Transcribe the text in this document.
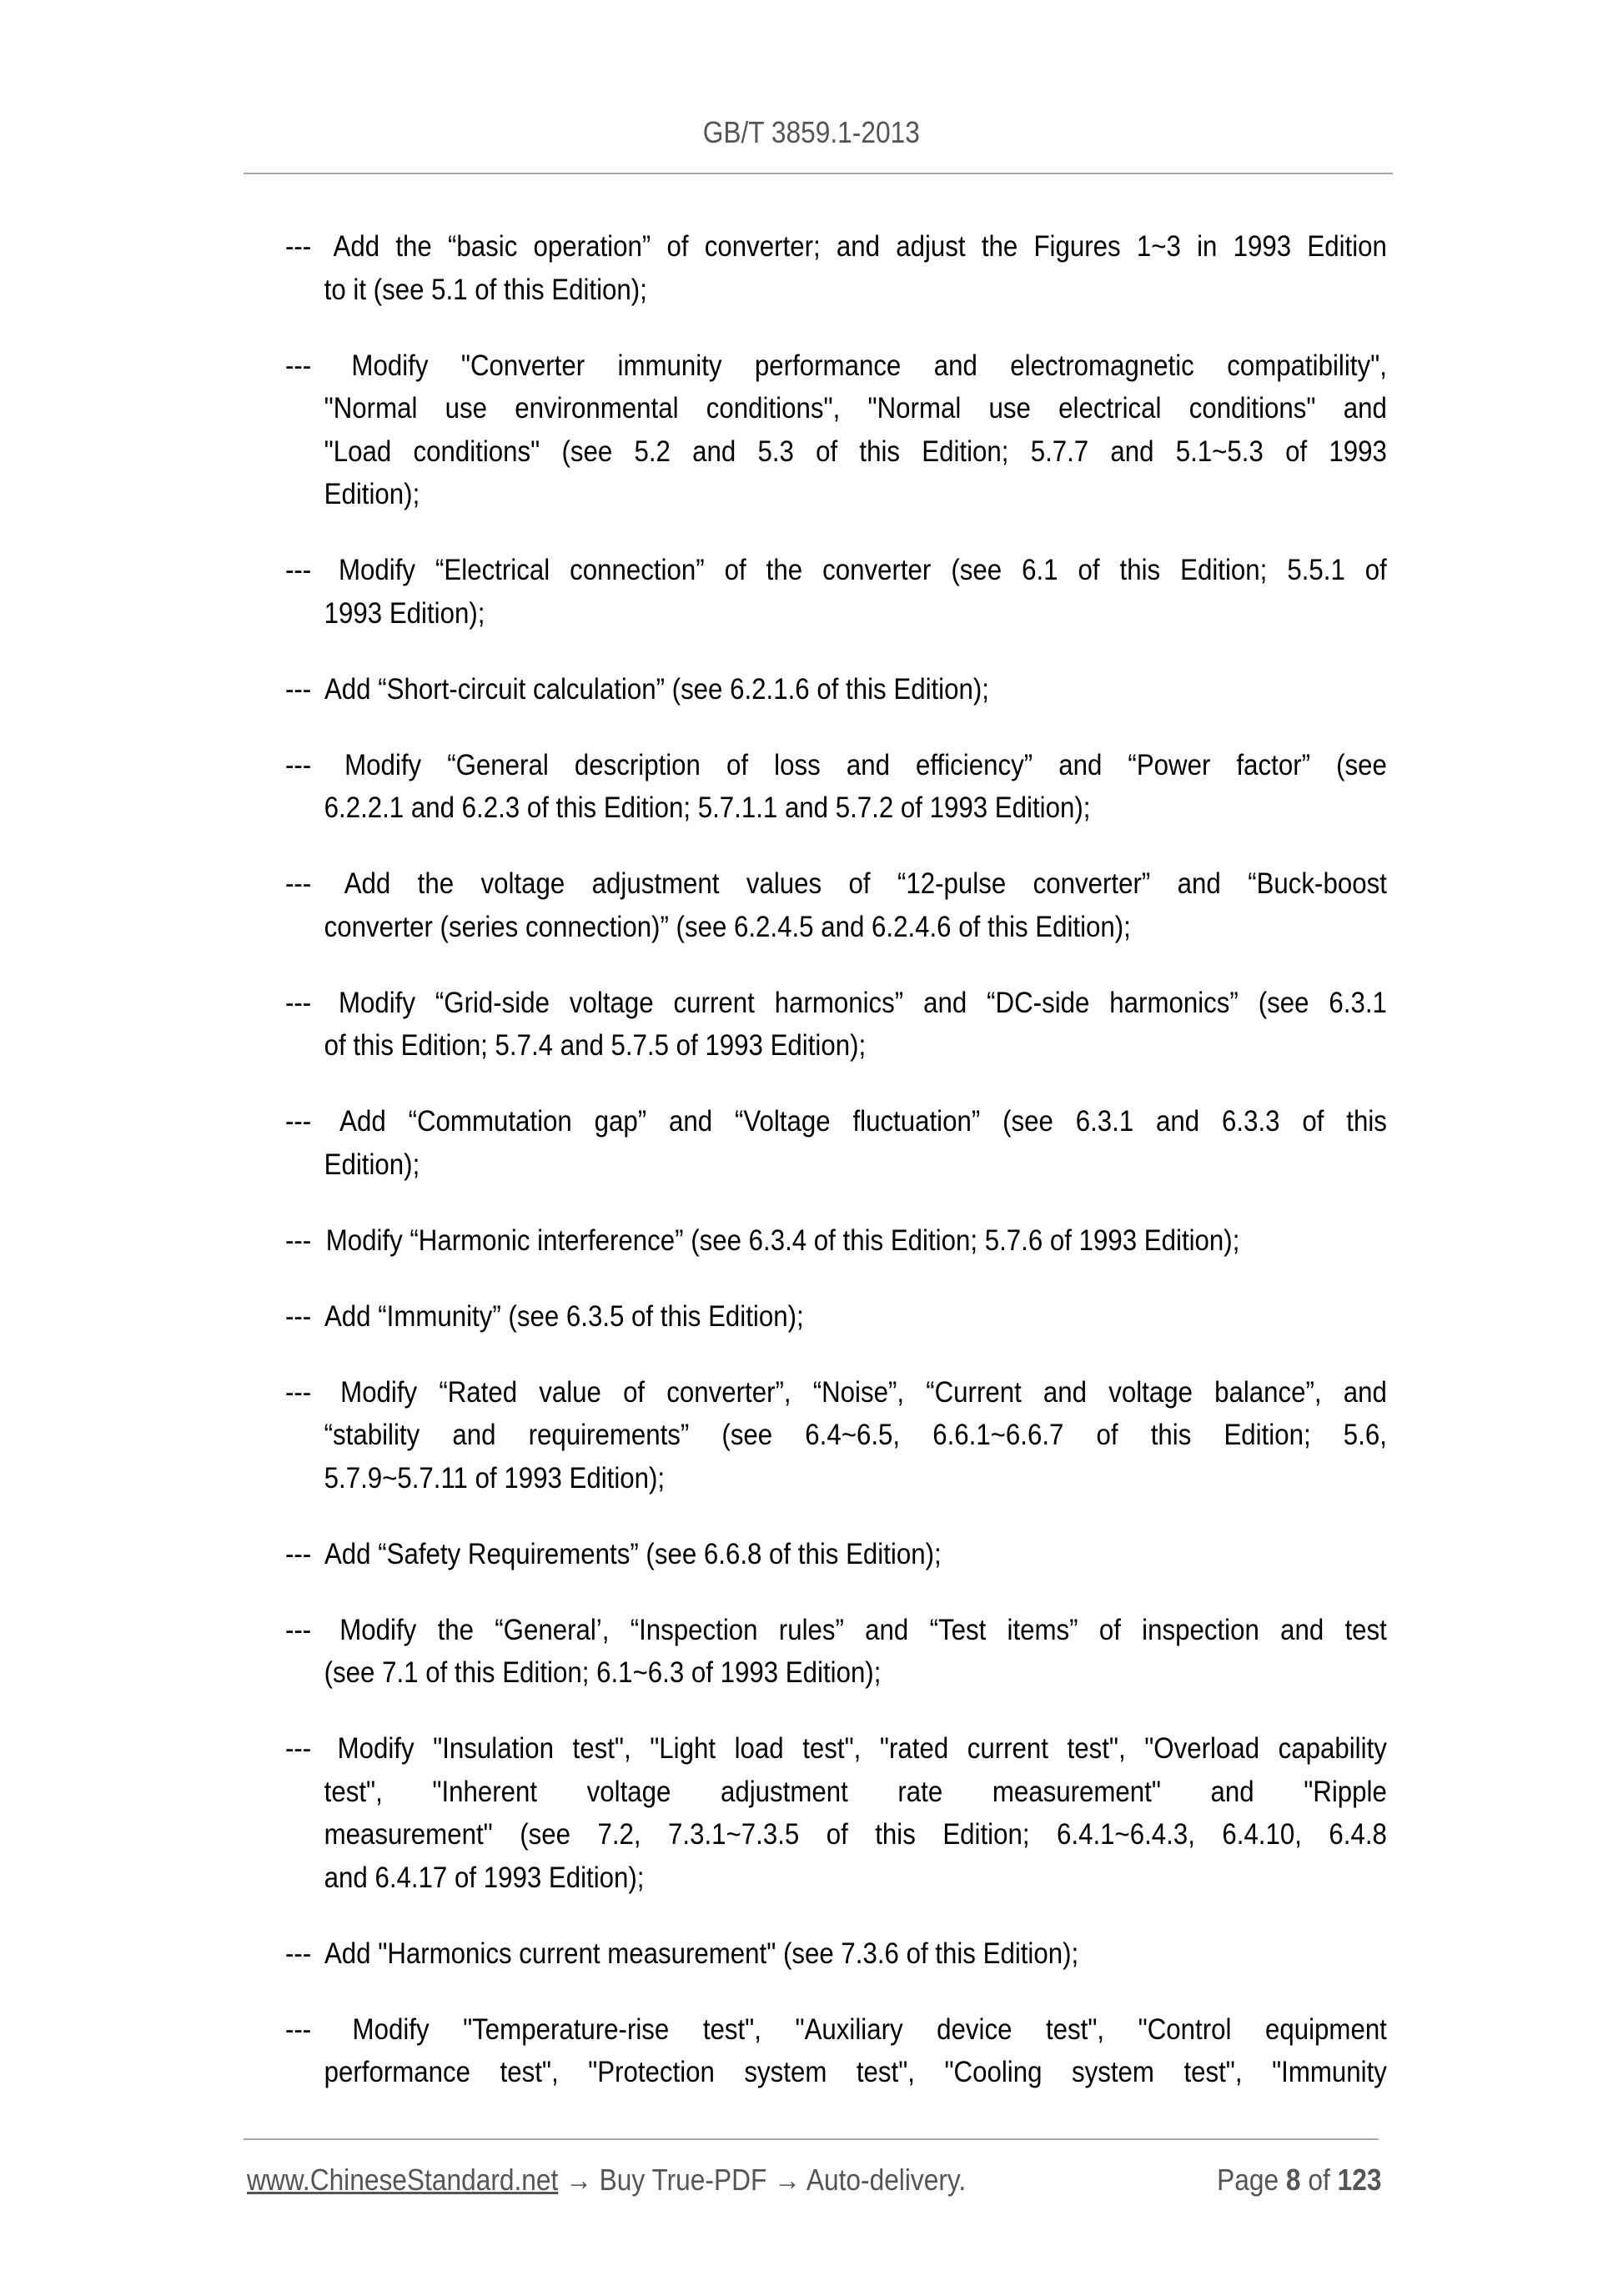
GB/T 3859.1-2013
--- Add the “basic operation” of converter; and adjust the Figures 1~3 in 1993 Edition
to it (see 5.1 of this Edition);
--- Modify "Converter immunity performance and electromagnetic compatibility",
"Normal use environmental conditions", "Normal use electrical conditions" and
"Load conditions" (see 5.2 and 5.3 of this Edition; 5.7.7 and 5.1~5.3 of 1993
Edition);
--- Modify “Electrical connection” of the converter (see 6.1 of this Edition; 5.5.1 of
1993 Edition);
--- Add “Short-circuit calculation” (see 6.2.1.6 of this Edition);
--- Modify “General description of loss and efficiency” and “Power factor” (see
6.2.2.1 and 6.2.3 of this Edition; 5.7.1.1 and 5.7.2 of 1993 Edition);
--- Add the voltage adjustment values of “12-pulse converter” and “Buck-boost
converter (series connection)” (see 6.2.4.5 and 6.2.4.6 of this Edition);
--- Modify “Grid-side voltage current harmonics” and “DC-side harmonics” (see 6.3.1
of this Edition; 5.7.4 and 5.7.5 of 1993 Edition);
--- Add “Commutation gap” and “Voltage fluctuation” (see 6.3.1 and 6.3.3 of this
Edition);
--- Modify “Harmonic interference” (see 6.3.4 of this Edition; 5.7.6 of 1993 Edition);
--- Add “Immunity” (see 6.3.5 of this Edition);
--- Modify “Rated value of converter”, “Noise”, “Current and voltage balance”, and
“stability and requirements” (see 6.4~6.5, 6.6.1~6.6.7 of this Edition; 5.6,
5.7.9~5.7.11 of 1993 Edition);
--- Add “Safety Requirements” (see 6.6.8 of this Edition);
--- Modify the “General’, “Inspection rules” and “Test items” of inspection and test
(see 7.1 of this Edition; 6.1~6.3 of 1993 Edition);
--- Modify "Insulation test", "Light load test", "rated current test", "Overload capability
test", "Inherent voltage adjustment rate measurement" and "Ripple
measurement" (see 7.2, 7.3.1~7.3.5 of this Edition; 6.4.1~6.4.3, 6.4.10, 6.4.8
and 6.4.17 of 1993 Edition);
--- Add "Harmonics current measurement" (see 7.3.6 of this Edition);
--- Modify "Temperature-rise test", "Auxiliary device test", "Control equipment
performance test", "Protection system test", "Cooling system test", "Immunity
www.ChineseStandard.net → Buy True-PDF → Auto-delivery.	Page 8 of 123
